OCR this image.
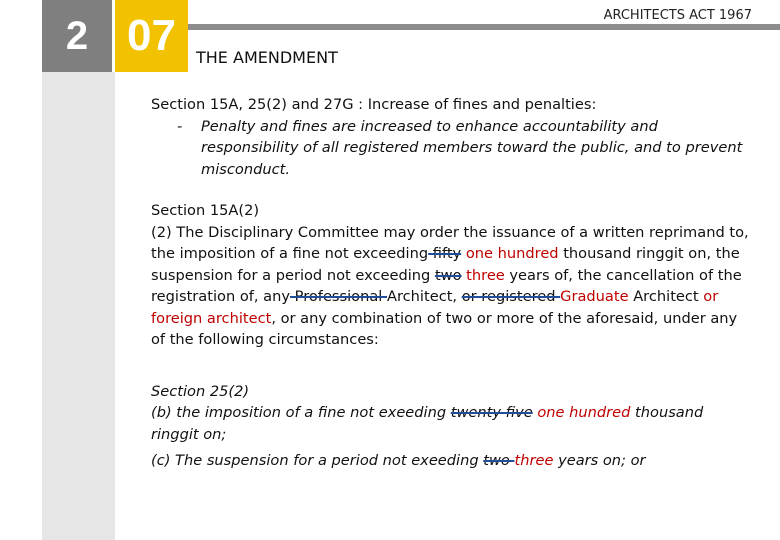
2 07	ARCHITECTS ACT 1967
THE AMENDMENT

Section 15A, 25(2) and 27G : Increase of fines and penalties:

-	Penalty and fines are increased to enhance accountability and responsibility of all registered members toward the public, and to prevent misconduct.

Section 15A(2)

(2) The Disciplinary Committee may order the issuance of a written reprimand to, the imposition of a fine not exceeding fifty one hundred thousand ringgit on, the suspension for a period not exceeding two three years of, the cancellation of the registration of, any Professional Architect, or registered Graduate Architect or foreign architect, or any combination of two or more of the aforesaid, under any of the following circumstances:

Section 25(2)

(b) the imposition of a fine not exeeding twenty five one hundred thousand ringgit on;

(c) The suspension for a period not exeeding two three years on; or
